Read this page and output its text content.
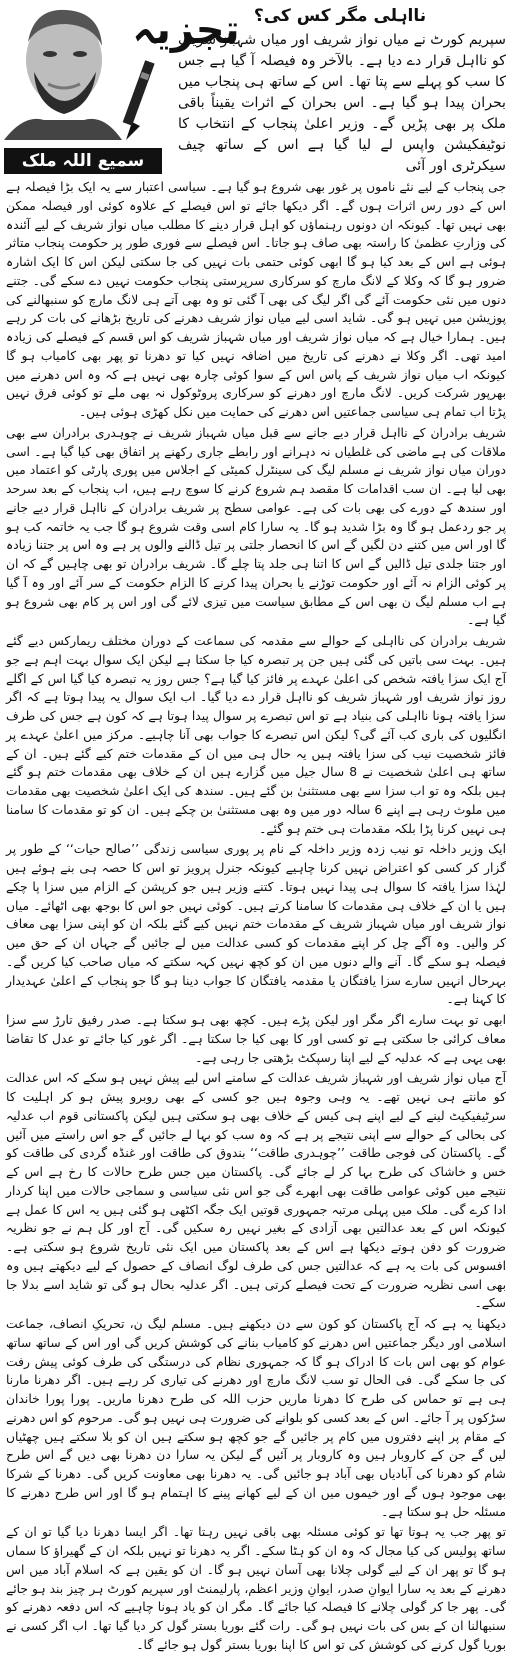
تجزیہ
سمیع اللہ ملک
نااہلی مگر کس کی؟

سپریم کورٹ نے میاں نواز شریف اور میاں شہباز شریف کو نااہل قرار دے دیا ہے۔ بالآخر وہ فیصلہ آ گیا ہے جس کا سب کو پہلے سے پتا تھا۔ اس کے ساتھ ہی پنجاب میں بحران پیدا ہو گیا ہے۔ اس بحران کے اثرات یقیناً باقی ملک پر بھی پڑیں گے۔ وزیر اعلیٰ پنجاب کے انتخاب کا نوٹیفکیشن واپس لے لیا گیا ہے اس کے ساتھ چیف سیکرٹری اور آئی

جی پنجاب کے لیے نئے ناموں پر غور بھی شروع ہو گیا ہے۔ سیاسی اعتبار سے یہ ایک بڑا فیصلہ ہے اس کے دور رس اثرات ہوں گے۔ اگر دیکھا جائے تو اس فیصلے کے علاوہ کوئی اور فیصلہ ممکن بھی نہیں تھا۔ کیونکہ ان دونوں رہنماؤں کو اہل قرار دینے کا مطلب میاں نواز شریف کے لیے آئندہ کی وزارتِ عظمیٰ کا راستہ بھی صاف ہو جاتا۔ اس فیصلے سے فوری طور پر حکومت پنجاب متاثر ہوئی ہے اس کے بعد کیا ہو گا ابھی کوئی حتمی بات نہیں کی جا سکتی لیکن اس کا ایک اشارہ ضرور ہو گا کہ وکلا کے لانگ مارچ کو سرکاری سرپرستی پنجاب حکومت نہیں دے سکے گی۔ جتنے دنوں میں نئی حکومت آئے گی اگر لیگ کی بھی آ گئی تو وہ بھی آتے ہی لانگ مارچ کو سنبھالنے کی پوزیشن میں نہیں ہو گی۔ شاید اسی لیے میاں نواز شریف دھرنے کی تاریخ بڑھانے کی بات کر رہے ہیں۔ ہمارا خیال ہے کہ میاں نواز شریف اور میاں شہباز شریف کو اس قسم کے فیصلے کی زیادہ امید تھی۔ اگر وکلا نے دھرنے کی تاریخ میں اضافہ نہیں کیا تو دھرنا تو پھر بھی کامیاب ہو گا کیونکہ اب میاں نواز شریف کے پاس اس کے سوا کوئی چارہ بھی نہیں ہے کہ وہ اس دھرنے میں بھرپور شرکت کریں۔ لانگ مارچ اور دھرنے کو سرکاری پروٹوکول نہ بھی ملے تو کوئی فرق نہیں پڑتا اب تمام ہی سیاسی جماعتیں اس دھرنے کی حمایت میں نکل کھڑی ہوئی ہیں۔

شریف برادران کے نااہل قرار دیے جانے سے قبل میاں شہباز شریف نے چوہدری برادران سے بھی ملاقات کی ہے ماضی کی غلطیاں نہ دہرانے اور رابطے جاری رکھنے پر اتفاق بھی کیا گیا ہے۔ اسی دوران میاں نواز شریف نے مسلم لیگ کی سینٹرل کمیٹی کے اجلاس میں پوری پارٹی کو اعتماد میں بھی لیا ہے۔ ان سب اقدامات کا مقصد ہم شروع کرنے کا سوچ رہے ہیں، اب پنجاب کے بعد سرحد اور سندھ کے دورے کی بھی بات کی ہے۔ عوامی سطح پر شریف برادران کے نااہل قرار دیے جانے پر جو ردعمل ہو گا وہ بڑا شدید ہو گا۔ یہ سارا کام اسی وقت شروع ہو گا جب یہ خاتمہ کب ہو گا اور اس میں کتنے دن لگیں گے اس کا انحصار جلتی پر تیل ڈالنے والوں پر ہے وہ اس پر جتنا زیادہ اور جتنا جلدی تیل ڈالیں گے اس کا اتنا ہی جلد پتا چلے گا۔ شریف برادران تو بھی چاہیں گے کہ ان پر کوئی الزام نہ آئے اور حکومت توڑنے یا بحران پیدا کرنے کا الزام حکومت کے سر آئے اور وہ آ گیا ہے اب مسلم لیگ ن بھی اس کے مطابق سیاست میں تیزی لائے گی اور اس پر کام بھی شروع ہو گیا ہے۔

شریف برادران کی نااہلی کے حوالے سے مقدمہ کی سماعت کے دوران مختلف ریمارکس دیے گئے ہیں۔ بہت سی باتیں کی گئی ہیں جن پر تبصرہ کیا جا سکتا ہے لیکن ایک سوال بہت اہم ہے جو آج ایک سزا یافتہ شخص کی اعلیٰ عہدے پر فائز کیا گیا ہے؟ جس روز یہ تبصرہ کیا گیا اس کے اگلے روز نواز شریف اور شہباز شریف کو نااہل قرار دے دیا گیا۔ اب ایک سوال یہ پیدا ہوتا ہے کہ اگر سزا یافتہ ہونا نااہلی کی بنیاد ہے تو اس تبصرے پر سوال پیدا ہوتا ہے کہ کون ہے جس کی طرف انگلیوں کی باری کب آئے گی؟ لیکن اس تبصرے کا جواب بھی آنا چاہیے۔ مرکز میں اعلیٰ عہدے پر فائز شخصیت نیب کی سزا یافتہ ہیں یہ حال ہی میں ان کے مقدمات ختم کیے گئے ہیں۔ ان کے ساتھ ہی اعلیٰ شخصیت نے 8 سال جیل میں گزارے ہیں ان کے خلاف بھی مقدمات ختم ہو گئے ہیں بلکہ وہ تو اب سزا سے بھی مستثنیٰ بن گئے ہیں۔ سندھ کی ایک اعلیٰ شخصیت بھی مقدمات میں ملوث رہی ہے اپنے 6 سالہ دور میں وہ بھی مستثنیٰ بن چکے ہیں۔ ان کو تو مقدمات کا سامنا ہی نہیں کرنا پڑا بلکہ مقدمات ہی ختم ہو گئے۔

ایک وزیر داخلہ تو نیب زدہ وزیر داخلہ کے نام پر پوری سیاسی زندگی ’’صالح حیات‘‘ کے طور پر گزار کر کسی کو اعتراض نہیں کرنا چاہیے کیونکہ جنرل پرویز تو اس کا حصہ ہی بنے ہوئے ہیں لہٰذا سزا یافتہ کا سوال ہی پیدا نہیں ہوتا۔ کتنے وزیر ہیں جو کرپشن کے الزام میں سزا پا چکے ہیں یا ان کے خلاف ہی مقدمات کا سامنا کرتے ہیں۔ کوئی نہیں جو اس کا بوجھ بھی اٹھائے۔ میاں نواز شریف اور میاں شہباز شریف کے مقدمات ختم نہیں کیے گئے بلکہ ان کو اپنی سزا بھی معاف کر والیں۔ وہ آگے چل کر اپنے مقدمات کو کسی عدالت میں لے جائیں گے جہاں ان کے حق میں فیصلہ ہو سکے گا۔ آنے والے دنوں میں ان کو کچھ نہیں کہہ سکتے کہ میاں صاحب کیا کریں گے۔ بہرحال انہیں سارے سزا یافتگان یا مقدمہ یافتگان کا جواب دینا ہو گا جو پنجاب کے اعلیٰ عہدیدار کا کہنا ہے۔

ابھی تو بہت سارے اگر مگر اور لیکن پڑے ہیں۔ کچھ بھی ہو سکتا ہے۔ صدر رفیق تارڑ سے سزا معاف کرائی جا سکتی ہے تو کسی اور کا بھی کیا جا سکتا ہے۔ اگر غور کیا جائے تو عدل کا تقاضا بھی یہی ہے کہ عدلیہ کے لیے اپنا رسپکٹ بڑھتی جا رہی ہے۔

آج میاں نواز شریف اور شہباز شریف عدالت کے سامنے اس لیے پیش نہیں ہو سکے کہ اس عدالت کو مانتے ہی نہیں تھے۔ یہ وہی وجوہ ہیں جو کسی کے بھی روبرو پیش ہو کر اہلیت کا سرٹیفیکیٹ لینے کے لیے اپنے ہی کیس کے خلاف بھی ہو سکتی ہیں لیکن پاکستانی قوم اب عدلیہ کی بحالی کے حوالے سے اپنی نتیجے پر ہے کہ وہ سب کو بہا لے جائیں گے جو اس راستے میں آئیں گے۔ پاکستان کی فوجی طاقت ’’چوہدری طاقت‘‘ بندوق کی طاقت اور غنڈہ گردی کی طاقت کو خس و خاشاک کی طرح بہا کر لے جائے گی۔ پاکستان میں جس طرح حالات کا رخ ہے اس کے نتیجے میں کوئی عوامی طاقت بھی ابھرے گی جو اس نئی سیاسی و سماجی حالات میں اپنا کردار ادا کرے گی۔ ملک میں پہلی مرتبہ جمہوری قوتیں ایک جگہ اکٹھی ہو گئی ہیں یہ اس کا عمل ہے کیونکہ اس کے بعد عدالتیں بھی آزادی کے بغیر نہیں رہ سکیں گی۔ آج اور کل ہم نے جو نظریہ ضرورت کو دفن ہوتے دیکھا ہے اس کے بعد پاکستان میں ایک نئی تاریخ شروع ہو سکتی ہے۔ افسوس کی بات یہ ہے کہ عدالتیں جس کی طرف لوگ انصاف کے حصول کے لیے دیکھتے ہیں وہ بھی اسی نظریہ ضرورت کے تحت فیصلے کرتی ہیں۔ اگر عدلیہ بحال ہو گی تو شاید اسے بدلا جا سکے۔

دیکھنا یہ ہے کہ آج پاکستان کو کون سے دن دیکھنے ہیں۔ مسلم لیگ ن، تحریکِ انصاف، جماعت اسلامی اور دیگر جماعتیں اس دھرنے کو کامیاب بنانے کی کوشش کریں گی اور اس کے ساتھ ساتھ عوام کو بھی اس بات کا ادراک ہو گا کہ جمہوری نظام کی درستگی کی طرف کوئی پیش رفت کی جا سکے گی۔ فی الحال تو سب لانگ مارچ اور دھرنے کی تیاری کر رہے ہیں۔ اگر دھرنا مارنا ہی ہے تو حماس کی طرح کا دھرنا ماریں حزب اللہ کی طرح دھرنا ماریں۔ پورا پورا خاندان سڑکوں پر آ جائے۔ اس کے بعد کسی کو بلوانے کی ضرورت ہی نہیں ہو گی۔ مرحوم کو اس دھرنے کے مقام پر اپنے دفتروں میں کام پر جائیں گے جو کچھ ہو سکتے ہیں ان کو بلا سکتے ہیں چھٹیاں لیں گے جن کے کاروبار ہیں وہ کاروبار پر آئیں گے لیکن یہ سارا دن دھرنا بھی دیں گے اس طرح شام کو دھرنا کی آبادیاں بھی آباد ہو جائیں گی۔ یہ دھرنا بھی معاونت کریں گی۔ دھرنا کے شرکا بھی موجود ہوں گے اور خیموں میں ان کے لیے کھانے پینے کا اہتمام ہو گا اور اس طرح دھرنے کا مسئلہ حل ہو سکتا ہے۔

تو پھر جب یہ ہوتا تھا تو کوئی مسئلہ بھی باقی نہیں رہتا تھا۔ اگر ایسا دھرنا دیا گیا تو ان کے ساتھ پولیس کی کیا مجال کہ وہ ان کو ہٹا سکے۔ اگر یہ دھرنا تو نہیں بلکہ ان کے گھیراؤ کا سماں ہو گا تو پھر ان کے لیے گولی چلانا بھی آسان نہیں ہو گا۔ ان کو یقین ہے کہ اسلام آباد میں اس دھرنے کے بعد یہ سارا ایوانِ صدر، ایوانِ وزیر اعظم، پارلیمنٹ اور سپریم کورٹ ہر چیز بند ہو جائے گی۔ پھر جا کر گولی چلانے کا فیصلہ کیا جائے گا۔ مگر ان کو یاد ہونا چاہیے کہ اس دفعہ دھرنے کو سنبھالنا ان کے بس کی بات نہیں ہو گی۔ رات گئے بوریا بستر گول کر دیا گیا تھا۔ اب اگر کسی نے بوریا گول کرنے کی کوشش کی تو اس کا اپنا بوریا بستر گول ہو جائے گا۔
